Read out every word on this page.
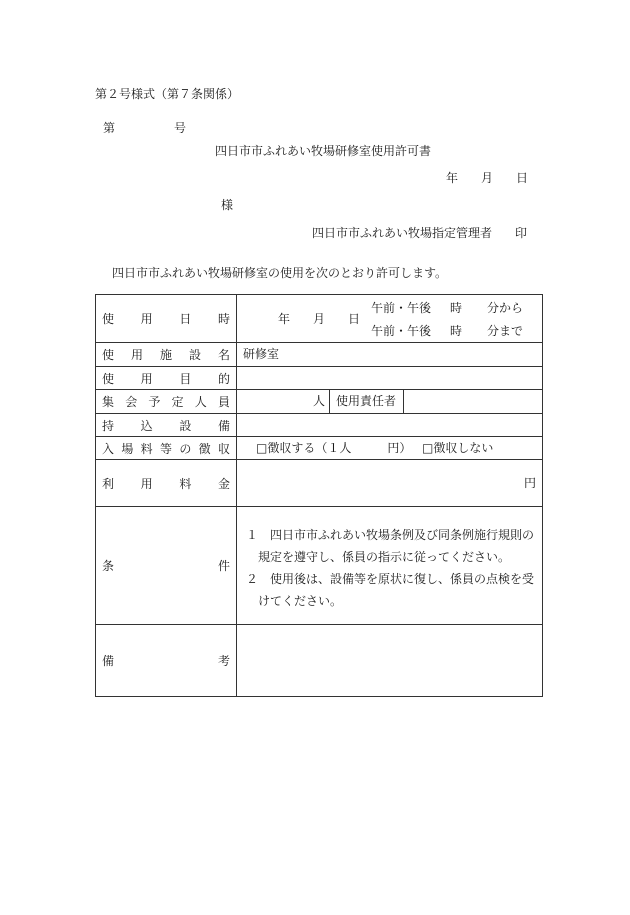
第２号様式（第７条関係）
第	号
四日市市ふれあい牧場研修室使用許可書
年 月 日
様
四日市市ふれあい牧場指定管理者 印
四日市市ふれあい牧場研修室の使用を次のとおり許可します。
使 用 日 時	年 月 日
午前・午後 時 分から
午前・午後 時 分まで
使 用 施 設 名 研修室
使 用 目 的
集 会 予 定 人 員	人 使用責任者
持 込 設 備
入 場 料 等 の 徴 収 □徴収する（１人　　　円） □徴収しない
利 用 料 金	円
条	件
１　四日市市ふれあい牧場条例及び同条例施行規則の
　規定を遵守し、係員の指示に従ってください。
２　使用後は、設備等を原状に復し、係員の点検を受
　けてください。
備	考
